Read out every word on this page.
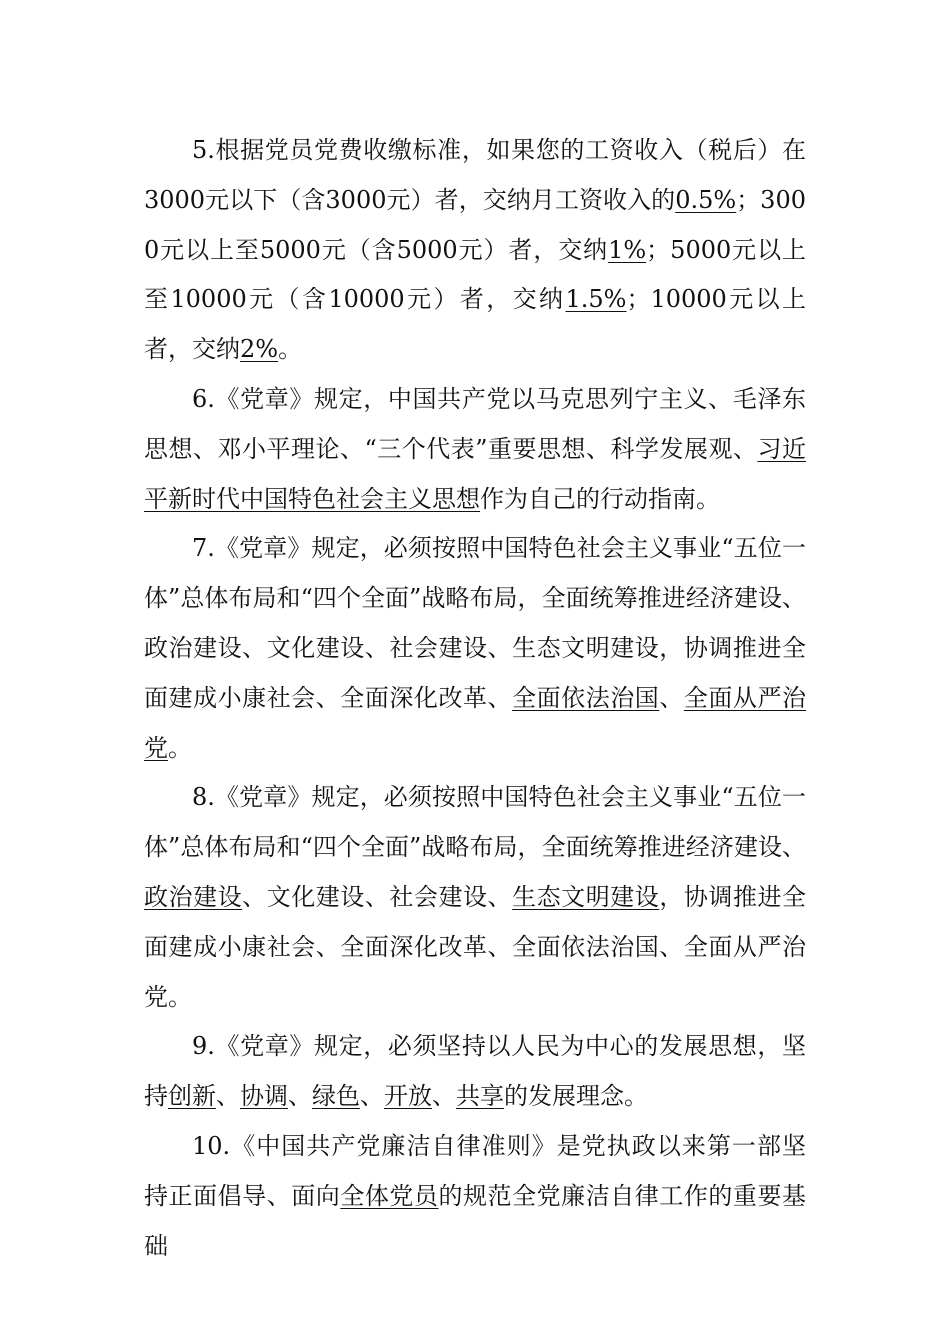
5.根据党员党费收缴标准，如果您的工资收入（税后）在3000元以下（含3000元）者，交纳月工资收入的0.5%；3000元以上至5000元（含5000元）者，交纳1%；5000元以上至10000元（含10000元）者，交纳1.5%；10000元以上者，交纳2%。

6.《党章》规定，中国共产党以马克思列宁主义、毛泽东思想、邓小平理论、“三个代表”重要思想、科学发展观、习近平新时代中国特色社会主义思想作为自己的行动指南。

7.《党章》规定，必须按照中国特色社会主义事业“五位一体”总体布局和“四个全面”战略布局，全面统筹推进经济建设、政治建设、文化建设、社会建设、生态文明建设，协调推进全面建成小康社会、全面深化改革、全面依法治国、全面从严治党。

8.《党章》规定，必须按照中国特色社会主义事业“五位一体”总体布局和“四个全面”战略布局，全面统筹推进经济建设、政治建设、文化建设、社会建设、生态文明建设，协调推进全面建成小康社会、全面深化改革、全面依法治国、全面从严治党。

9.《党章》规定，必须坚持以人民为中心的发展思想，坚持创新、协调、绿色、开放、共享的发展理念。

10.《中国共产党廉洁自律准则》是党执政以来第一部坚持正面倡导、面向全体党员的规范全党廉洁自律工作的重要基础
